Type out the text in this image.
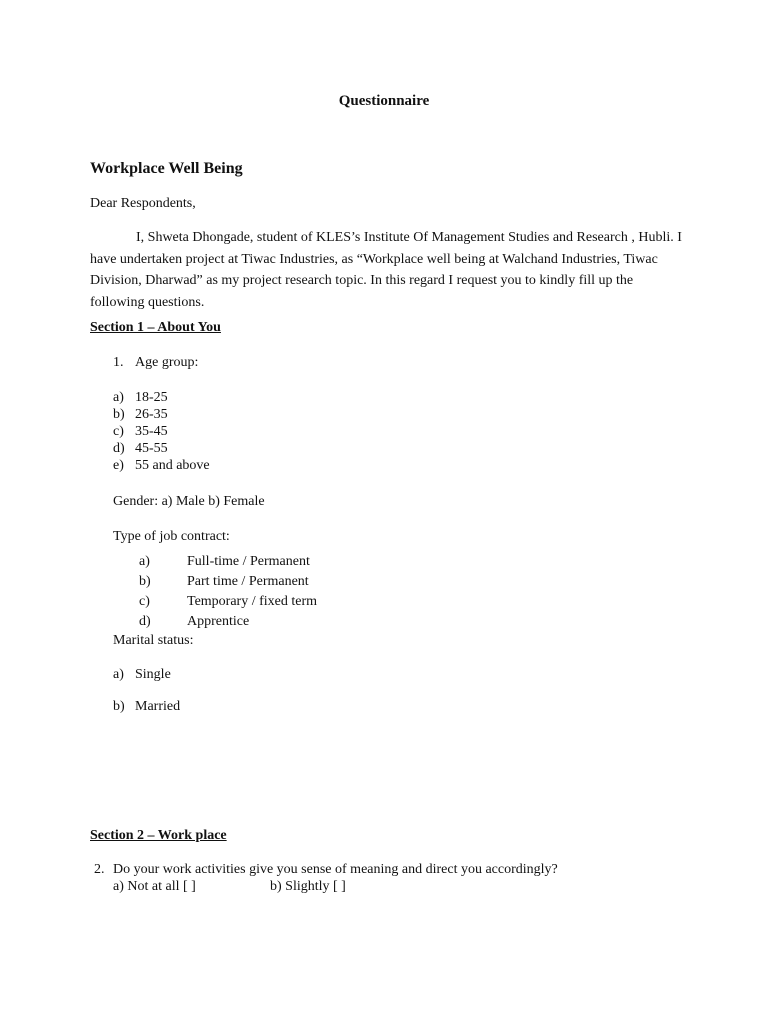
Questionnaire
Workplace Well Being
Dear Respondents,
I, Shweta Dhongade, student of KLES’s Institute Of Management Studies and Research , Hubli. I have undertaken project at Tiwac Industries, as “Workplace well being at Walchand Industries, Tiwac Division, Dharwad” as my project research topic. In this regard I request you to kindly fill up the following questions.
Section 1 – About You
1. Age group:
a) 18-25
b) 26-35
c) 35-45
d) 45-55
e) 55 and above
Gender: a) Male b) Female
Type of job contract:
a)	Full-time / Permanent
b)	Part time / Permanent
c)	Temporary / fixed term
d)	Apprentice
Marital status:
a) Single
b) Married
Section 2 – Work place
2. Do your work activities give you sense of meaning and direct you accordingly?
a) Not at all [ ]	b) Slightly [ ]
